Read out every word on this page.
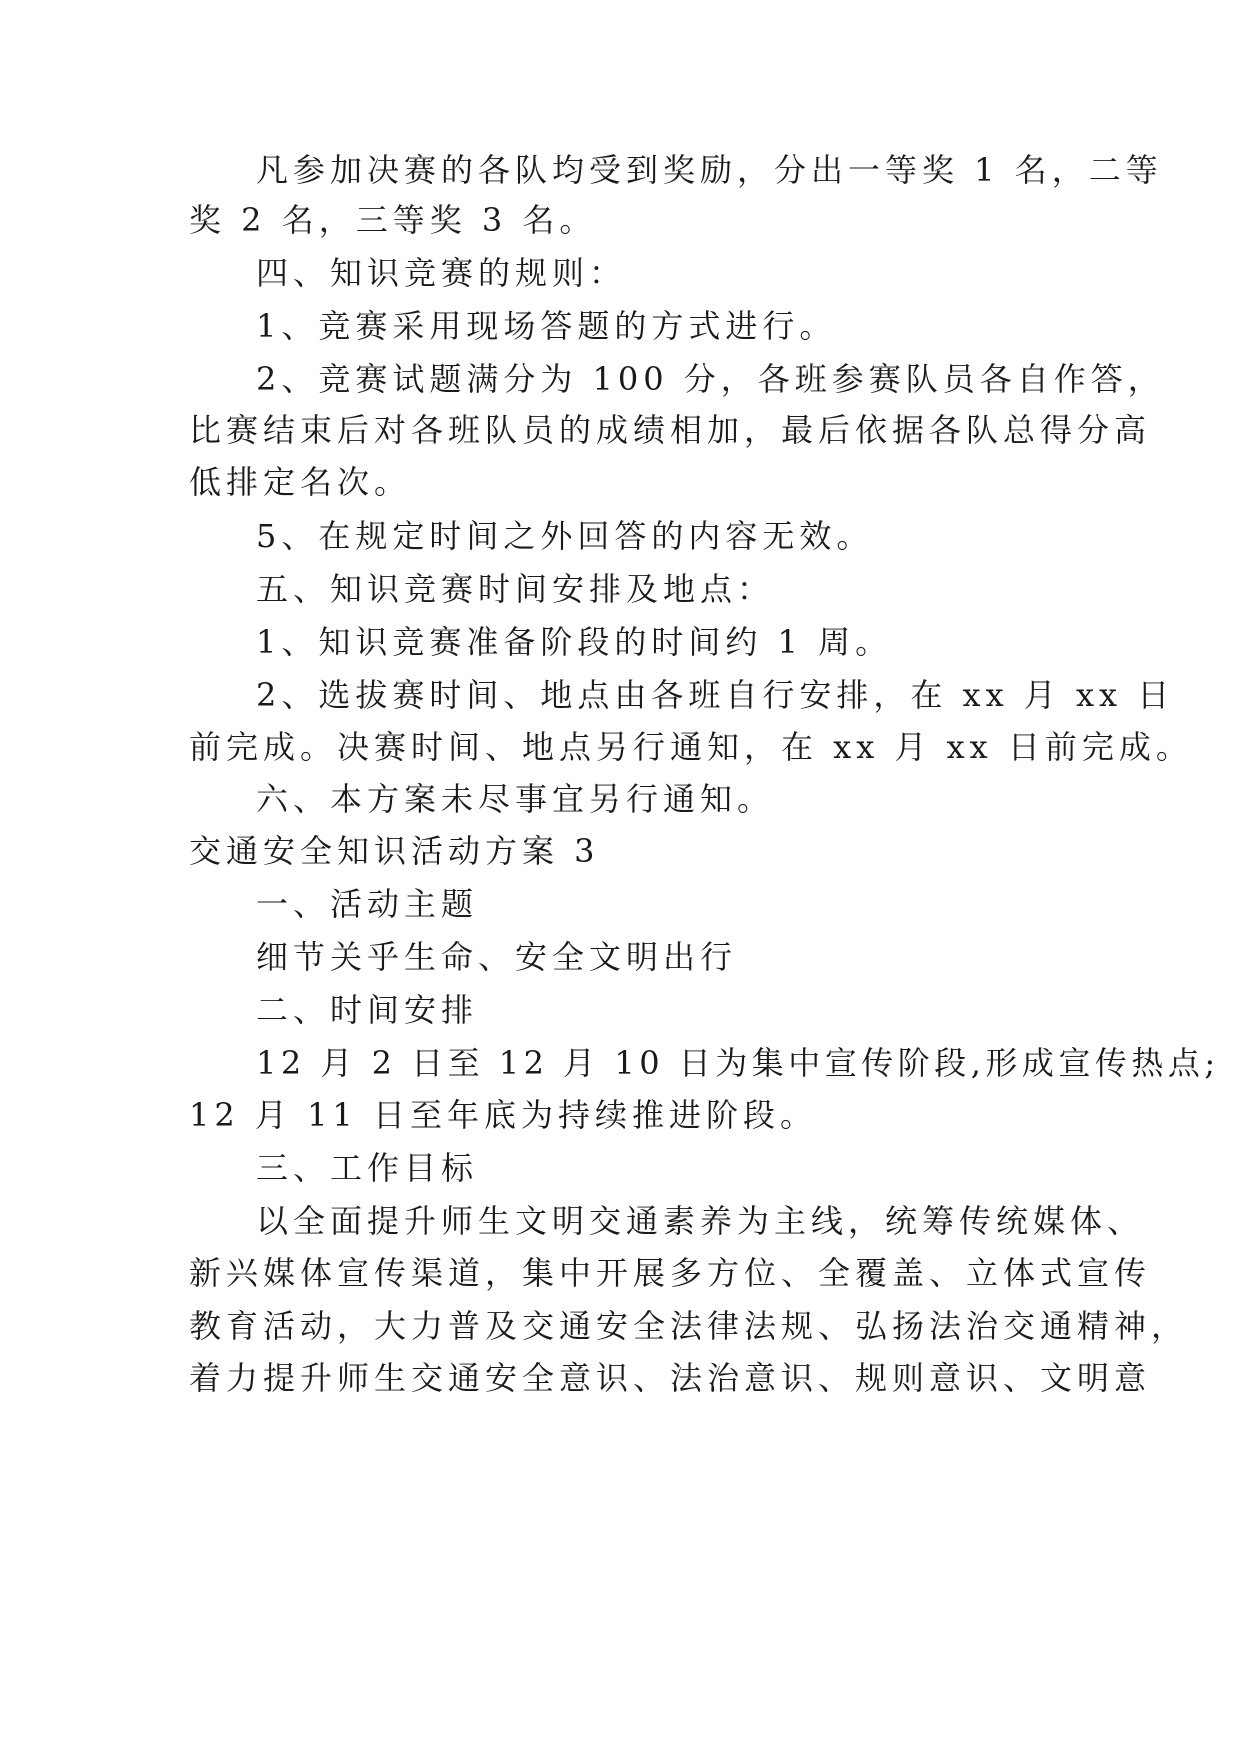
凡参加决赛的各队均受到奖励，分出一等奖 1 名，二等
奖 2 名，三等奖 3 名。
四、知识竞赛的规则：
1、竞赛采用现场答题的方式进行。
2、竞赛试题满分为 100 分，各班参赛队员各自作答，
比赛结束后对各班队员的成绩相加，最后依据各队总得分高
低排定名次。
5、在规定时间之外回答的内容无效。
五、知识竞赛时间安排及地点：
1、知识竞赛准备阶段的时间约 1 周。
2、选拔赛时间、地点由各班自行安排，在 xx 月 xx 日
前完成。决赛时间、地点另行通知，在 xx 月 xx 日前完成。
六、本方案未尽事宜另行通知。
交通安全知识活动方案 3
一、活动主题
细节关乎生命、安全文明出行
二、时间安排
12 月 2 日至 12 月 10 日为集中宣传阶段,形成宣传热点;
12 月 11 日至年底为持续推进阶段。
三、工作目标
以全面提升师生文明交通素养为主线，统筹传统媒体、
新兴媒体宣传渠道，集中开展多方位、全覆盖、立体式宣传
教育活动，大力普及交通安全法律法规、弘扬法治交通精神，
着力提升师生交通安全意识、法治意识、规则意识、文明意
